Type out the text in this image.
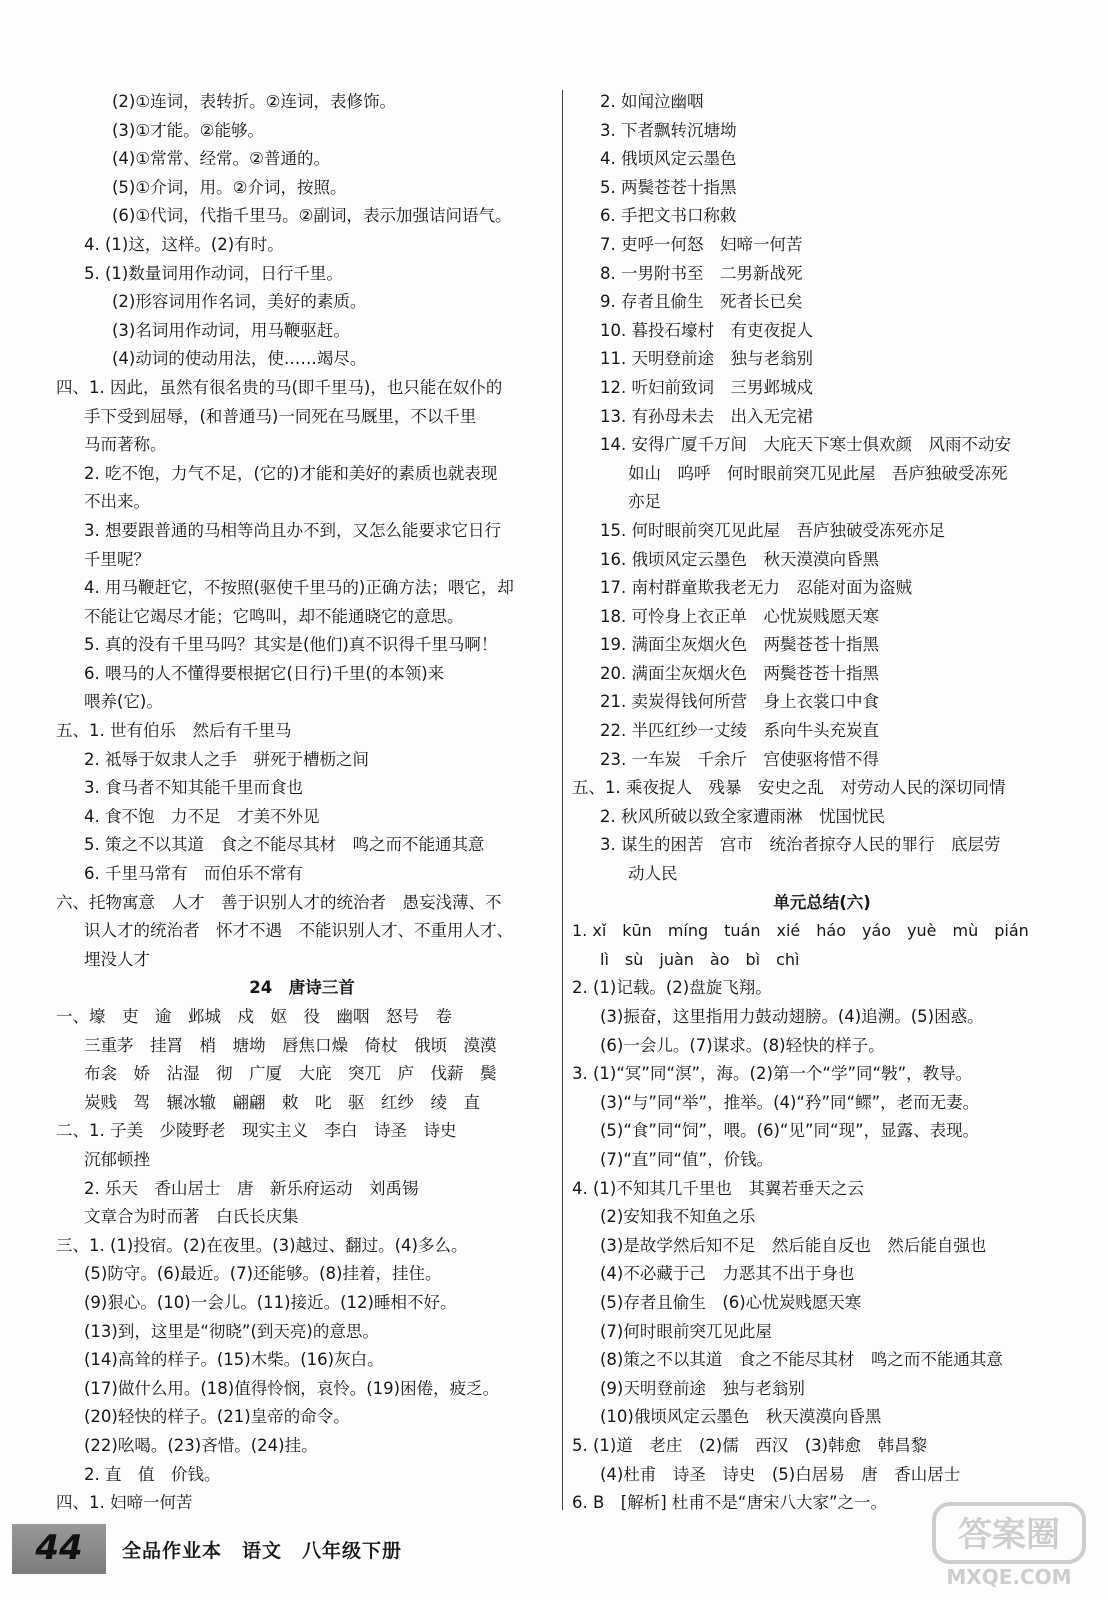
(2)①连词，表转折。②连词，表修饰。
(3)①才能。②能够。
(4)①常常、经常。②普通的。
(5)①介词，用。②介词，按照。
(6)①代词，代指千里马。②副词，表示加强诘问语气。
4. (1)这，这样。(2)有时。
5. (1)数量词用作动词，日行千里。
(2)形容词用作名词，美好的素质。
(3)名词用作动词，用马鞭驱赶。
(4)动词的使动用法，使……竭尽。
四、1. 因此，虽然有很名贵的马(即千里马)，也只能在奴仆的
手下受到屈辱，(和普通马)一同死在马厩里，不以千里
马而著称。
2. 吃不饱，力气不足，(它的)才能和美好的素质也就表现
不出来。
3. 想要跟普通的马相等尚且办不到，又怎么能要求它日行
千里呢？
4. 用马鞭赶它，不按照(驱使千里马的)正确方法；喂它，却
不能让它竭尽才能；它鸣叫，却不能通晓它的意思。
5. 真的没有千里马吗？其实是(他们)真不识得千里马啊！
6. 喂马的人不懂得要根据它(日行)千里(的本领)来
喂养(它)。
五、1. 世有伯乐　然后有千里马
2. 祗辱于奴隶人之手　骈死于槽枥之间
3. 食马者不知其能千里而食也
4. 食不饱　力不足　才美不外见
5. 策之不以其道　食之不能尽其材　鸣之而不能通其意
6. 千里马常有　而伯乐不常有
六、托物寓意　人才　善于识别人才的统治者　愚妄浅薄、不
识人才的统治者　怀才不遇　不能识别人才、不重用人才、
埋没人才
24　唐诗三首
一、壕　吏　逾　邺城　戍　妪　役　幽咽　怒号　卷
三重茅　挂罥　梢　塘坳　唇焦口燥　倚杖　俄顷　漠漠
布衾　娇　沾湿　彻　广厦　大庇　突兀　庐　伐薪　鬓
炭贱　驾　辗冰辙　翩翩　敕　叱　驱　红纱　绫　直
二、1. 子美　少陵野老　现实主义　李白　诗圣　诗史
沉郁顿挫
2. 乐天　香山居士　唐　新乐府运动　刘禹锡
文章合为时而著　白氏长庆集
三、1. (1)投宿。(2)在夜里。(3)越过、翻过。(4)多么。
(5)防守。(6)最近。(7)还能够。(8)挂着，挂住。
(9)狠心。(10)一会儿。(11)接近。(12)睡相不好。
(13)到，这里是“彻晓”(到天亮)的意思。
(14)高耸的样子。(15)木柴。(16)灰白。
(17)做什么用。(18)值得怜悯，哀怜。(19)困倦，疲乏。
(20)轻快的样子。(21)皇帝的命令。
(22)吆喝。(23)吝惜。(24)挂。
2. 直　值　价钱。
四、1. 妇啼一何苦
2. 如闻泣幽咽
3. 下者飘转沉塘坳
4. 俄顷风定云墨色
5. 两鬓苍苍十指黑
6. 手把文书口称敕
7. 吏呼一何怒　妇啼一何苦
8. 一男附书至　二男新战死
9. 存者且偷生　死者长已矣
10. 暮投石壕村　有吏夜捉人
11. 天明登前途　独与老翁别
12. 听妇前致词　三男邺城戍
13. 有孙母未去　出入无完裙
14. 安得广厦千万间　大庇天下寒士俱欢颜　风雨不动安
如山　呜呼　何时眼前突兀见此屋　吾庐独破受冻死
亦足
15. 何时眼前突兀见此屋　吾庐独破受冻死亦足
16. 俄顷风定云墨色　秋天漠漠向昏黑
17. 南村群童欺我老无力　忍能对面为盗贼
18. 可怜身上衣正单　心忧炭贱愿天寒
19. 满面尘灰烟火色　两鬓苍苍十指黑
20. 满面尘灰烟火色　两鬓苍苍十指黑
21. 卖炭得钱何所营　身上衣裳口中食
22. 半匹红纱一丈绫　系向牛头充炭直
23. 一车炭　千余斤　宫使驱将惜不得
五、1. 乘夜捉人　残暴　安史之乱　对劳动人民的深切同情
2. 秋风所破以致全家遭雨淋　忧国忧民
3. 谋生的困苦　宫市　统治者掠夺人民的罪行　底层劳
动人民
单元总结(六)
1. xǐ　kūn　míng　tuán　xié　háo　yáo　yuè　mù　pián
lì　sù　juàn　ào　bì　chì
2. (1)记载。(2)盘旋飞翔。
(3)振奋，这里指用力鼓动翅膀。(4)追溯。(5)困惑。
(6)一会儿。(7)谋求。(8)轻快的样子。
3. (1)“冥”同“溟”，海。(2)第一个“学”同“斅”，教导。
(3)“与”同“举”，推举。(4)“矜”同“鳏”，老而无妻。
(5)“食”同“饲”，喂。(6)“见”同“现”，显露、表现。
(7)“直”同“值”，价钱。
4. (1)不知其几千里也　其翼若垂天之云
(2)安知我不知鱼之乐
(3)是故学然后知不足　然后能自反也　然后能自强也
(4)不必藏于己　力恶其不出于身也
(5)存者且偷生　(6)心忧炭贱愿天寒
(7)何时眼前突兀见此屋
(8)策之不以其道　食之不能尽其材　鸣之而不能通其意
(9)天明登前途　独与老翁别
(10)俄顷风定云墨色　秋天漠漠向昏黑
5. (1)道　老庄　(2)儒　西汉　(3)韩愈　韩昌黎
(4)杜甫　诗圣　诗史　(5)白居易　唐　香山居士
6. B　[解析] 杜甫不是“唐宋八大家”之一。
44	全品作业本　语文　八年级下册	答案圈
MXQE.COM
